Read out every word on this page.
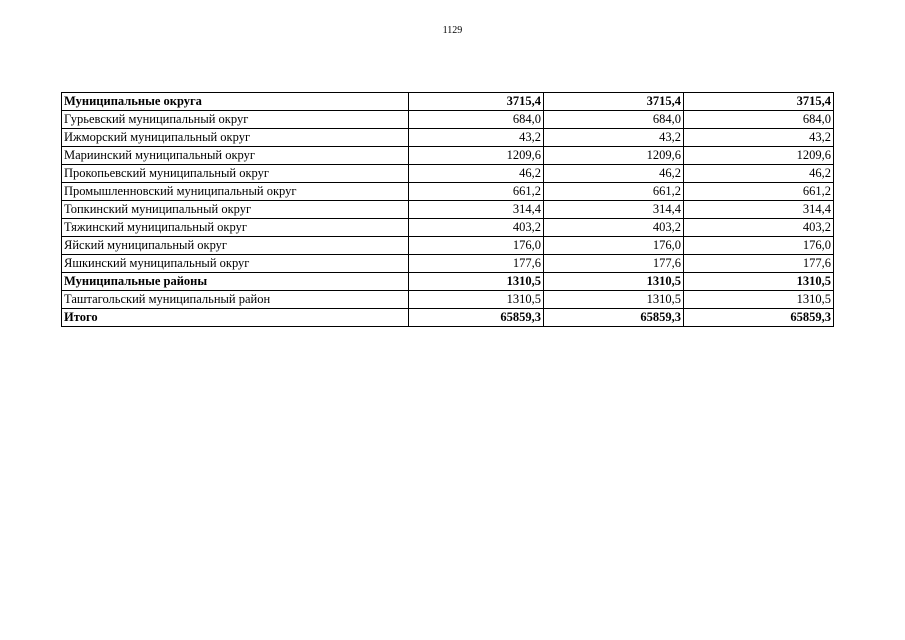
1129
Муниципальные округа	3715,4	3715,4	3715,4
Гурьевский муниципальный округ	684,0	684,0	684,0
Ижморский муниципальный округ	43,2	43,2	43,2
Мариинский муниципальный округ	1209,6	1209,6	1209,6
Прокопьевский муниципальный округ	46,2	46,2	46,2
Промышленновский муниципальный округ	661,2	661,2	661,2
Топкинский муниципальный округ	314,4	314,4	314,4
Тяжинский муниципальный округ	403,2	403,2	403,2
Яйский муниципальный округ	176,0	176,0	176,0
Яшкинский муниципальный округ	177,6	177,6	177,6
Муниципальные районы	1310,5	1310,5	1310,5
Таштагольский муниципальный район	1310,5	1310,5	1310,5
Итого	65859,3	65859,3	65859,3
